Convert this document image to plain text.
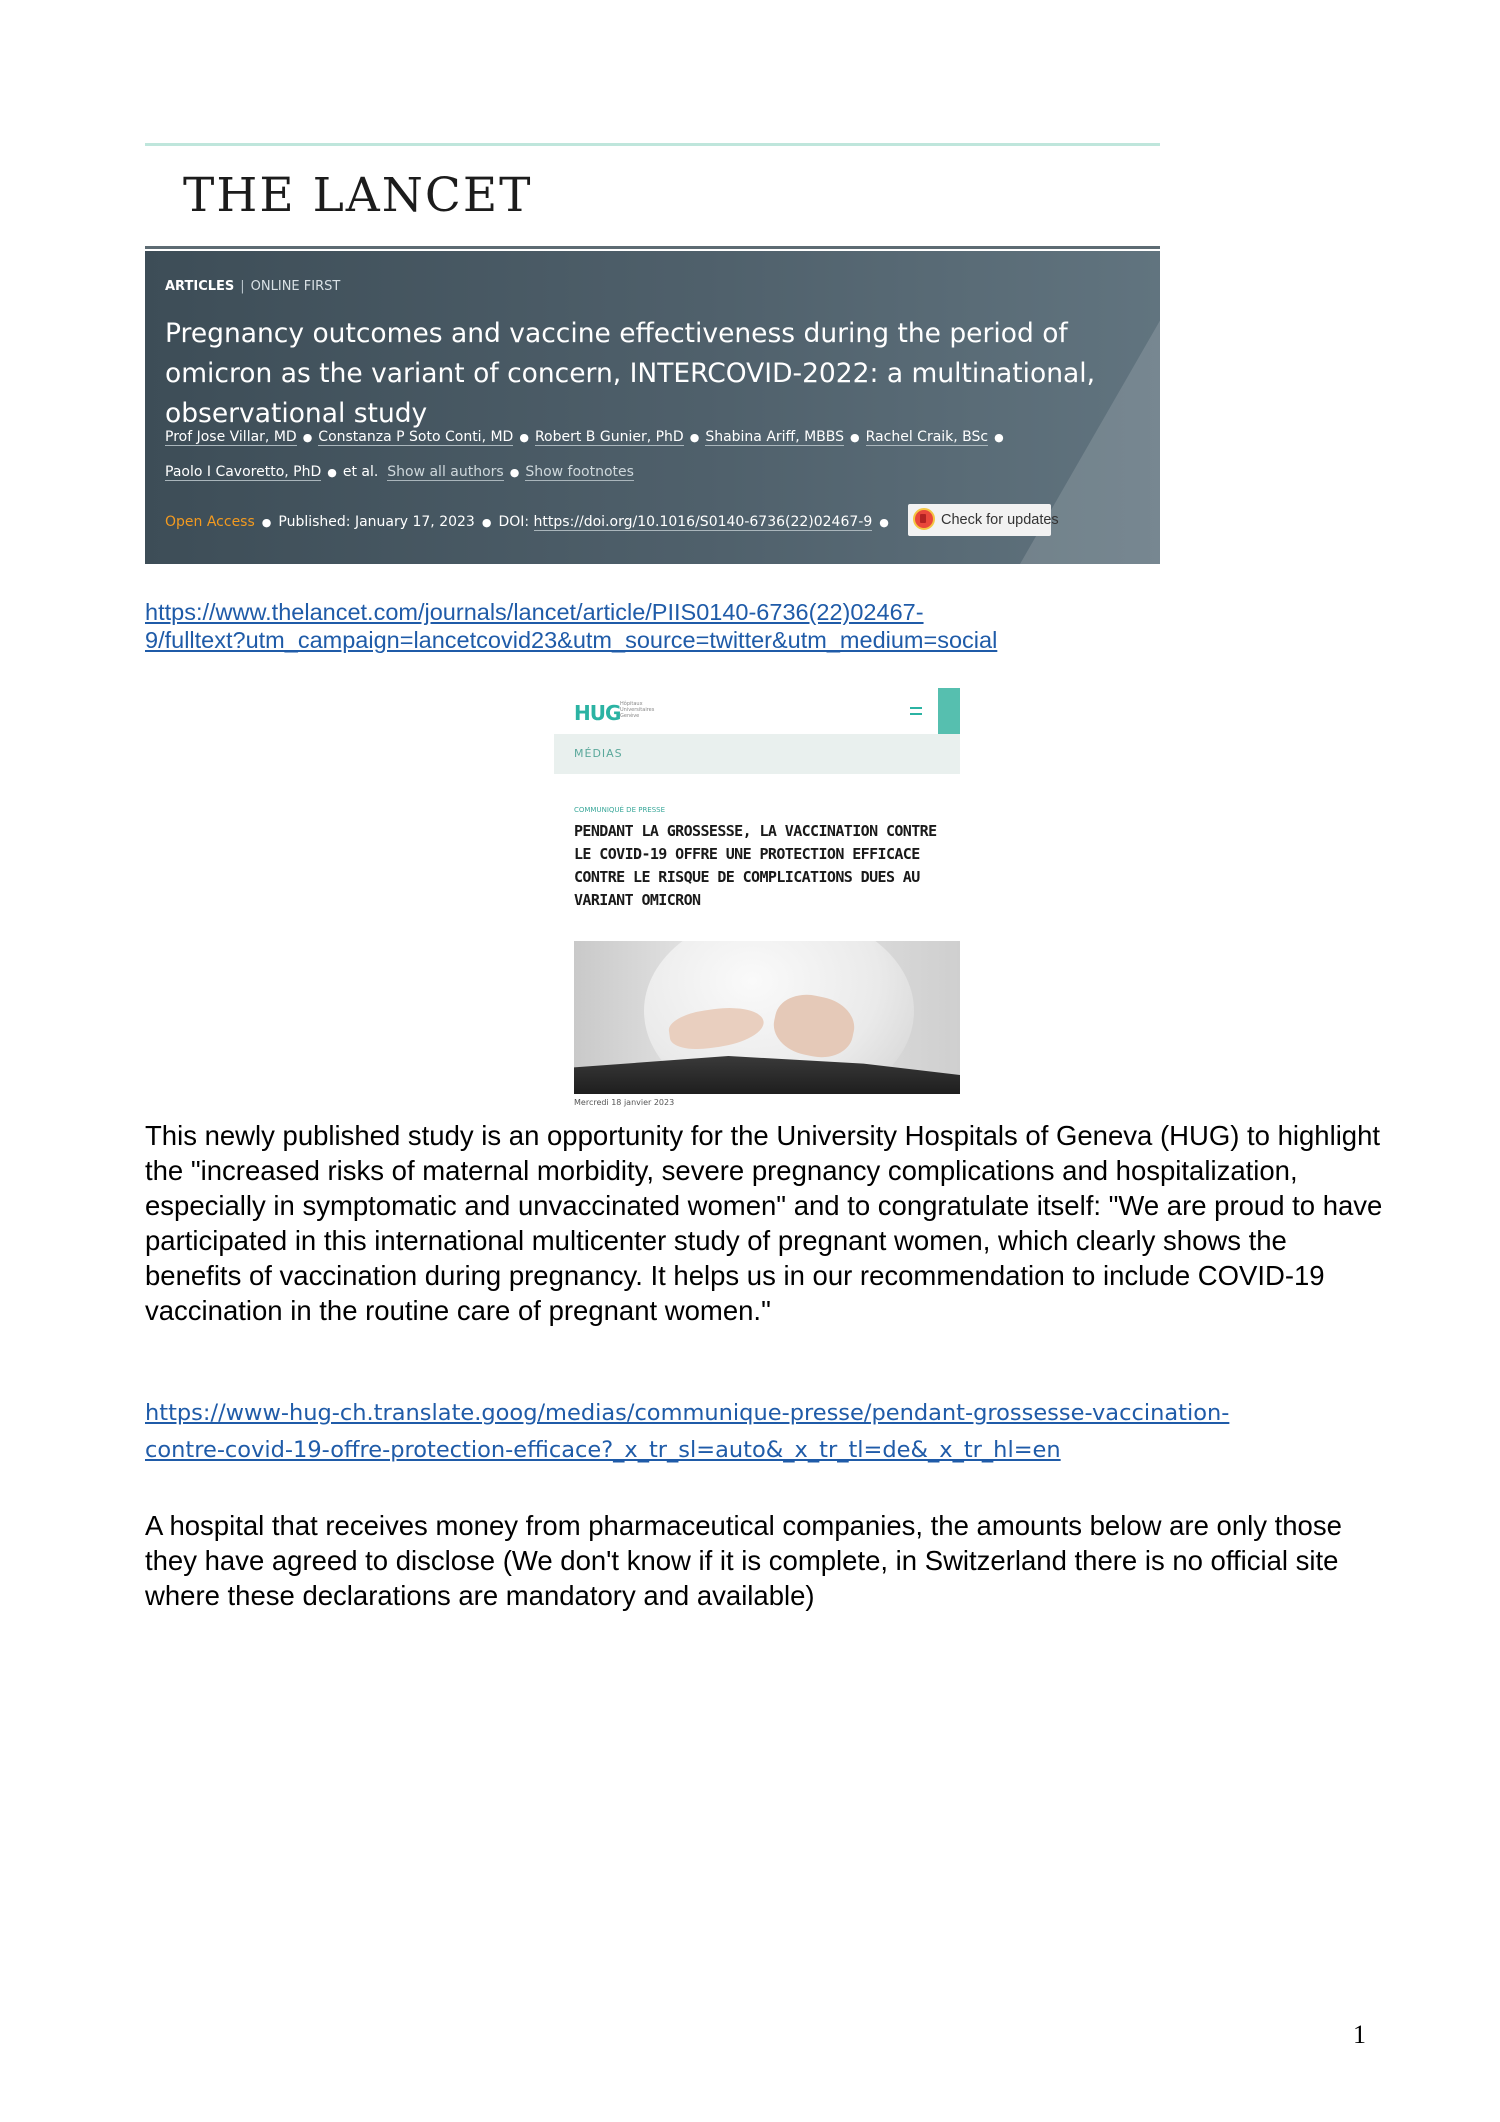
THE LANCET
ARTICLES | ONLINE FIRST
Pregnancy outcomes and vaccine effectiveness during the period of omicron as the variant of concern, INTERCOVID-2022: a multinational, observational study
Prof Jose Villar, MD ● Constanza P Soto Conti, MD ● Robert B Gunier, PhD ● Shabina Ariff, MBBS ● Rachel Craik, BSc ●
Paolo I Cavoretto, PhD ● et al. Show all authors ● Show footnotes
Open Access ● Published: January 17, 2023 ● DOI: https://doi.org/10.1016/S0140-6736(22)02467-9 ●	Check for updates
https://www.thelancet.com/journals/lancet/article/PIIS0140-6736(22)02467-
9/fulltext?utm_campaign=lancetcovid23&utm_source=twitter&utm_medium=social
HUG Hôpitaux Universitaires Genève
MÉDIAS
COMMUNIQUÉ DE PRESSE
PENDANT LA GROSSESSE, LA VACCINATION CONTRE LE COVID-19 OFFRE UNE PROTECTION EFFICACE CONTRE LE RISQUE DE COMPLICATIONS DUES AU VARIANT OMICRON
Mercredi 18 janvier 2023
This newly published study is an opportunity for the University Hospitals of Geneva (HUG) to highlight the "increased risks of maternal morbidity, severe pregnancy complications and hospitalization, especially in symptomatic and unvaccinated women" and to congratulate itself: "We are proud to have participated in this international multicenter study of pregnant women, which clearly shows the benefits of vaccination during pregnancy. It helps us in our recommendation to include COVID-19 vaccination in the routine care of pregnant women."
https://www-hug-ch.translate.goog/medias/communique-presse/pendant-grossesse-vaccination-
contre-covid-19-offre-protection-efficace?_x_tr_sl=auto&_x_tr_tl=de&_x_tr_hl=en
A hospital that receives money from pharmaceutical companies, the amounts below are only those they have agreed to disclose (We don't know if it is complete, in Switzerland there is no official site where these declarations are mandatory and available)
1
